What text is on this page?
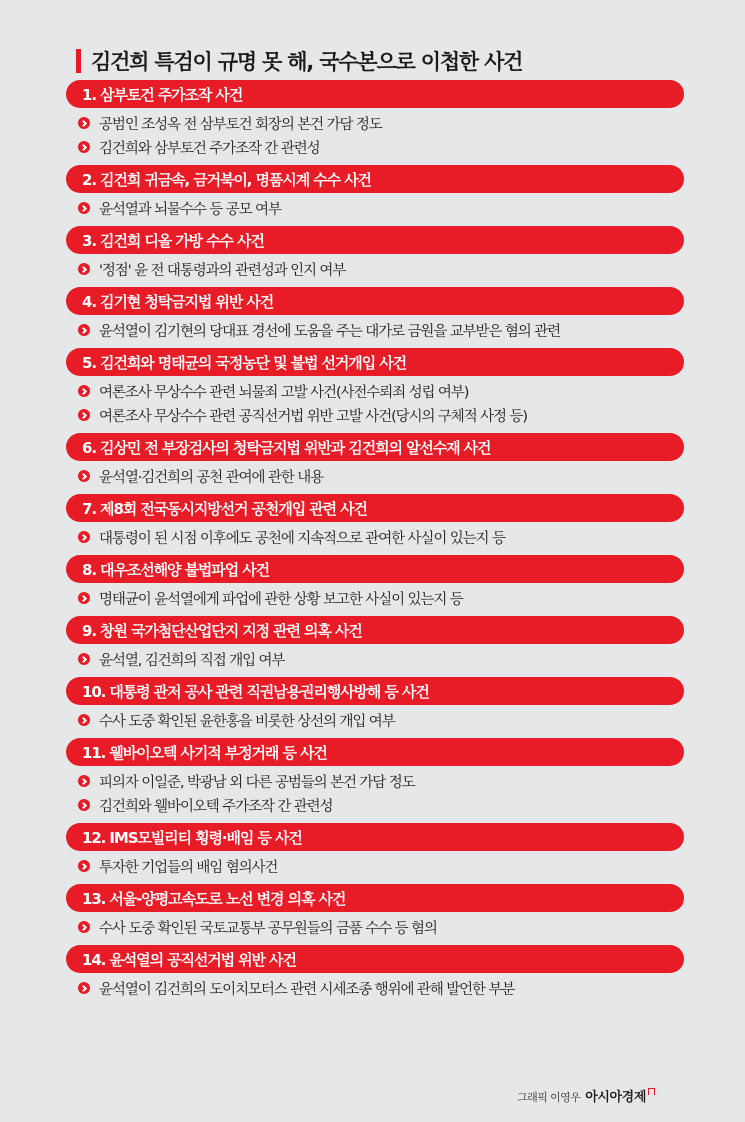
김건희 특검이 규명 못 해, 국수본으로 이첩한 사건
1. 삼부토건 주가조작 사건
공범인 조성옥 전 삼부토건 회장의 본건 가담 정도
김건희와 삼부토건 주가조작 간 관련성
2. 김건희 귀금속, 금거북이, 명품시계 수수 사건
윤석열과 뇌물수수 등 공모 여부
3. 김건희 디올 가방 수수 사건
'정점' 윤 전 대통령과의 관련성과 인지 여부
4. 김기현 청탁금지법 위반 사건
윤석열이 김기현의 당대표 경선에 도움을 주는 대가로 금원을 교부받은 혐의 관련
5. 김건희와 명태균의 국정농단 및 불법 선거개입 사건
여론조사 무상수수 관련 뇌물죄 고발 사건(사전수뢰죄 성립 여부)
여론조사 무상수수 관련 공직선거법 위반 고발 사건(당시의 구체적 사정 등)
6. 김상민 전 부장검사의 청탁금지법 위반과 김건희의 알선수재 사건
윤석열·김건희의 공천 관여에 관한 내용
7. 제8회 전국동시지방선거 공천개입 관련 사건
대통령이 된 시점 이후에도 공천에 지속적으로 관여한 사실이 있는지 등
8. 대우조선해양 불법파업 사건
명태균이 윤석열에게 파업에 관한 상황 보고한 사실이 있는지 등
9. 창원 국가첨단산업단지 지정 관련 의혹 사건
윤석열, 김건희의 직접 개입 여부
10. 대통령 관저 공사 관련 직권남용권리행사방해 등 사건
수사 도중 확인된 윤한홍을 비롯한 상선의 개입 여부
11. 웰바이오텍 사기적 부정거래 등 사건
피의자 이일준, 박광남 외 다른 공범들의 본건 가담 정도
김건희와 웰바이오텍 주가조작 간 관련성
12. IMS모빌리티 횡령·배임 등 사건
투자한 기업들의 배임 혐의사건
13. 서울-양평고속도로 노선 변경 의혹 사건
수사 도중 확인된 국토교통부 공무원들의 금품 수수 등 혐의
14. 윤석열의 공직선거법 위반 사건
윤석열이 김건희의 도이치모터스 관련 시세조종 행위에 관해 발언한 부분
그래픽 이영우 아시아경제
